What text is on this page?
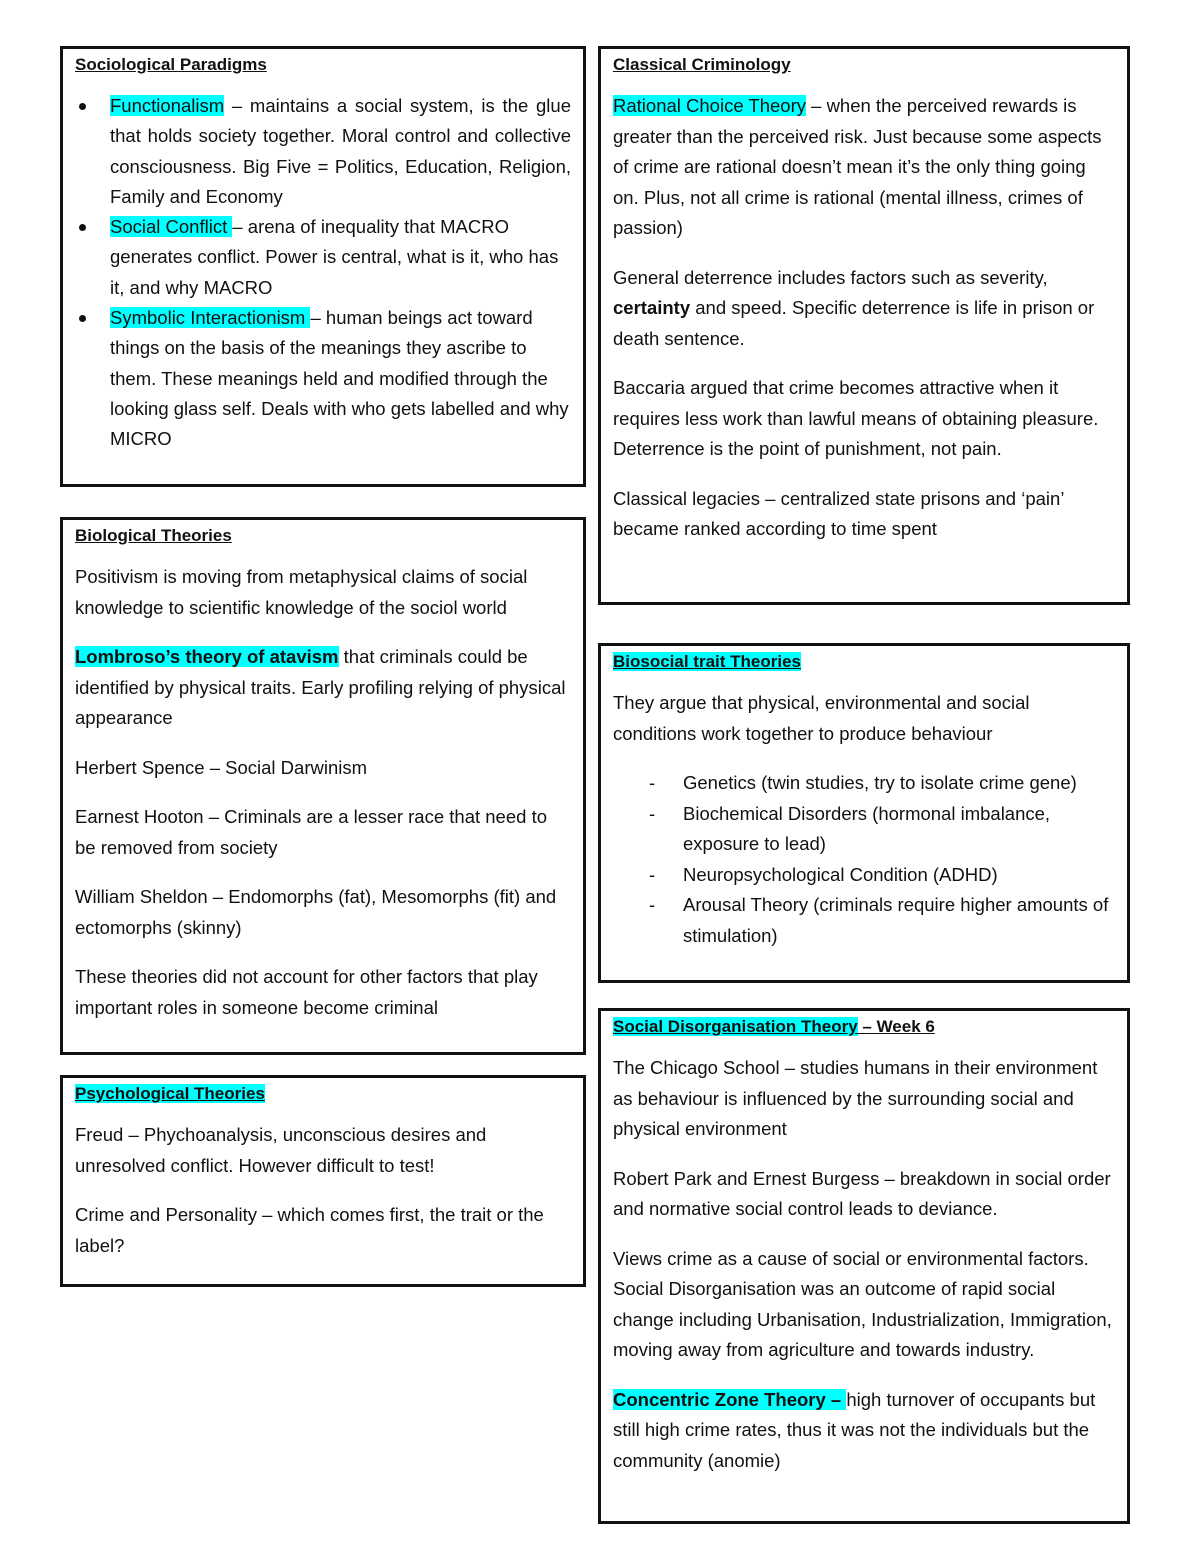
Sociological Paradigms
Functionalism – maintains a social system, is the glue that holds society together. Moral control and collective consciousness. Big Five = Politics, Education, Religion, Family and Economy
Social Conflict – arena of inequality that MACRO generates conflict. Power is central, what is it, who has it, and why MACRO
Symbolic Interactionism – human beings act toward things on the basis of the meanings they ascribe to them. These meanings held and modified through the looking glass self. Deals with who gets labelled and why MICRO
Biological Theories

Positivism is moving from metaphysical claims of social knowledge to scientific knowledge of the sociol world

Lombroso’s theory of atavism that criminals could be identified by physical traits. Early profiling relying of physical appearance

Herbert Spence – Social Darwinism

Earnest Hooton – Criminals are a lesser race that need to be removed from society

William Sheldon – Endomorphs (fat), Mesomorphs (fit) and ectomorphs (skinny)

These theories did not account for other factors that play important roles in someone become criminal

Psychological Theories

Freud – Phychoanalysis, unconscious desires and unresolved conflict. However difficult to test!

Crime and Personality – which comes first, the trait or the label?

Classical Criminology

Rational Choice Theory – when the perceived rewards is greater than the perceived risk. Just because some aspects of crime are rational doesn’t mean it’s the only thing going on. Plus, not all crime is rational (mental illness, crimes of passion)

General deterrence includes factors such as severity, certainty and speed. Specific deterrence is life in prison or death sentence.

Baccaria argued that crime becomes attractive when it requires less work than lawful means of obtaining pleasure. Deterrence is the point of punishment, not pain.

Classical legacies – centralized state prisons and ‘pain’ became ranked according to time spent

Biosocial trait Theories

They argue that physical, environmental and social conditions work together to produce behaviour

- Genetics (twin studies, try to isolate crime gene)
- Biochemical Disorders (hormonal imbalance, exposure to lead)
- Neuropsychological Condition (ADHD)
- Arousal Theory (criminals require higher amounts of stimulation)
Social Disorganisation Theory – Week 6

The Chicago School – studies humans in their environment as behaviour is influenced by the surrounding social and physical environment

Robert Park and Ernest Burgess – breakdown in social order and normative social control leads to deviance.

Views crime as a cause of social or environmental factors. Social Disorganisation was an outcome of rapid social change including Urbanisation, Industrialization, Immigration, moving away from agriculture and towards industry.

Concentric Zone Theory – high turnover of occupants but still high crime rates, thus it was not the individuals but the community (anomie)
